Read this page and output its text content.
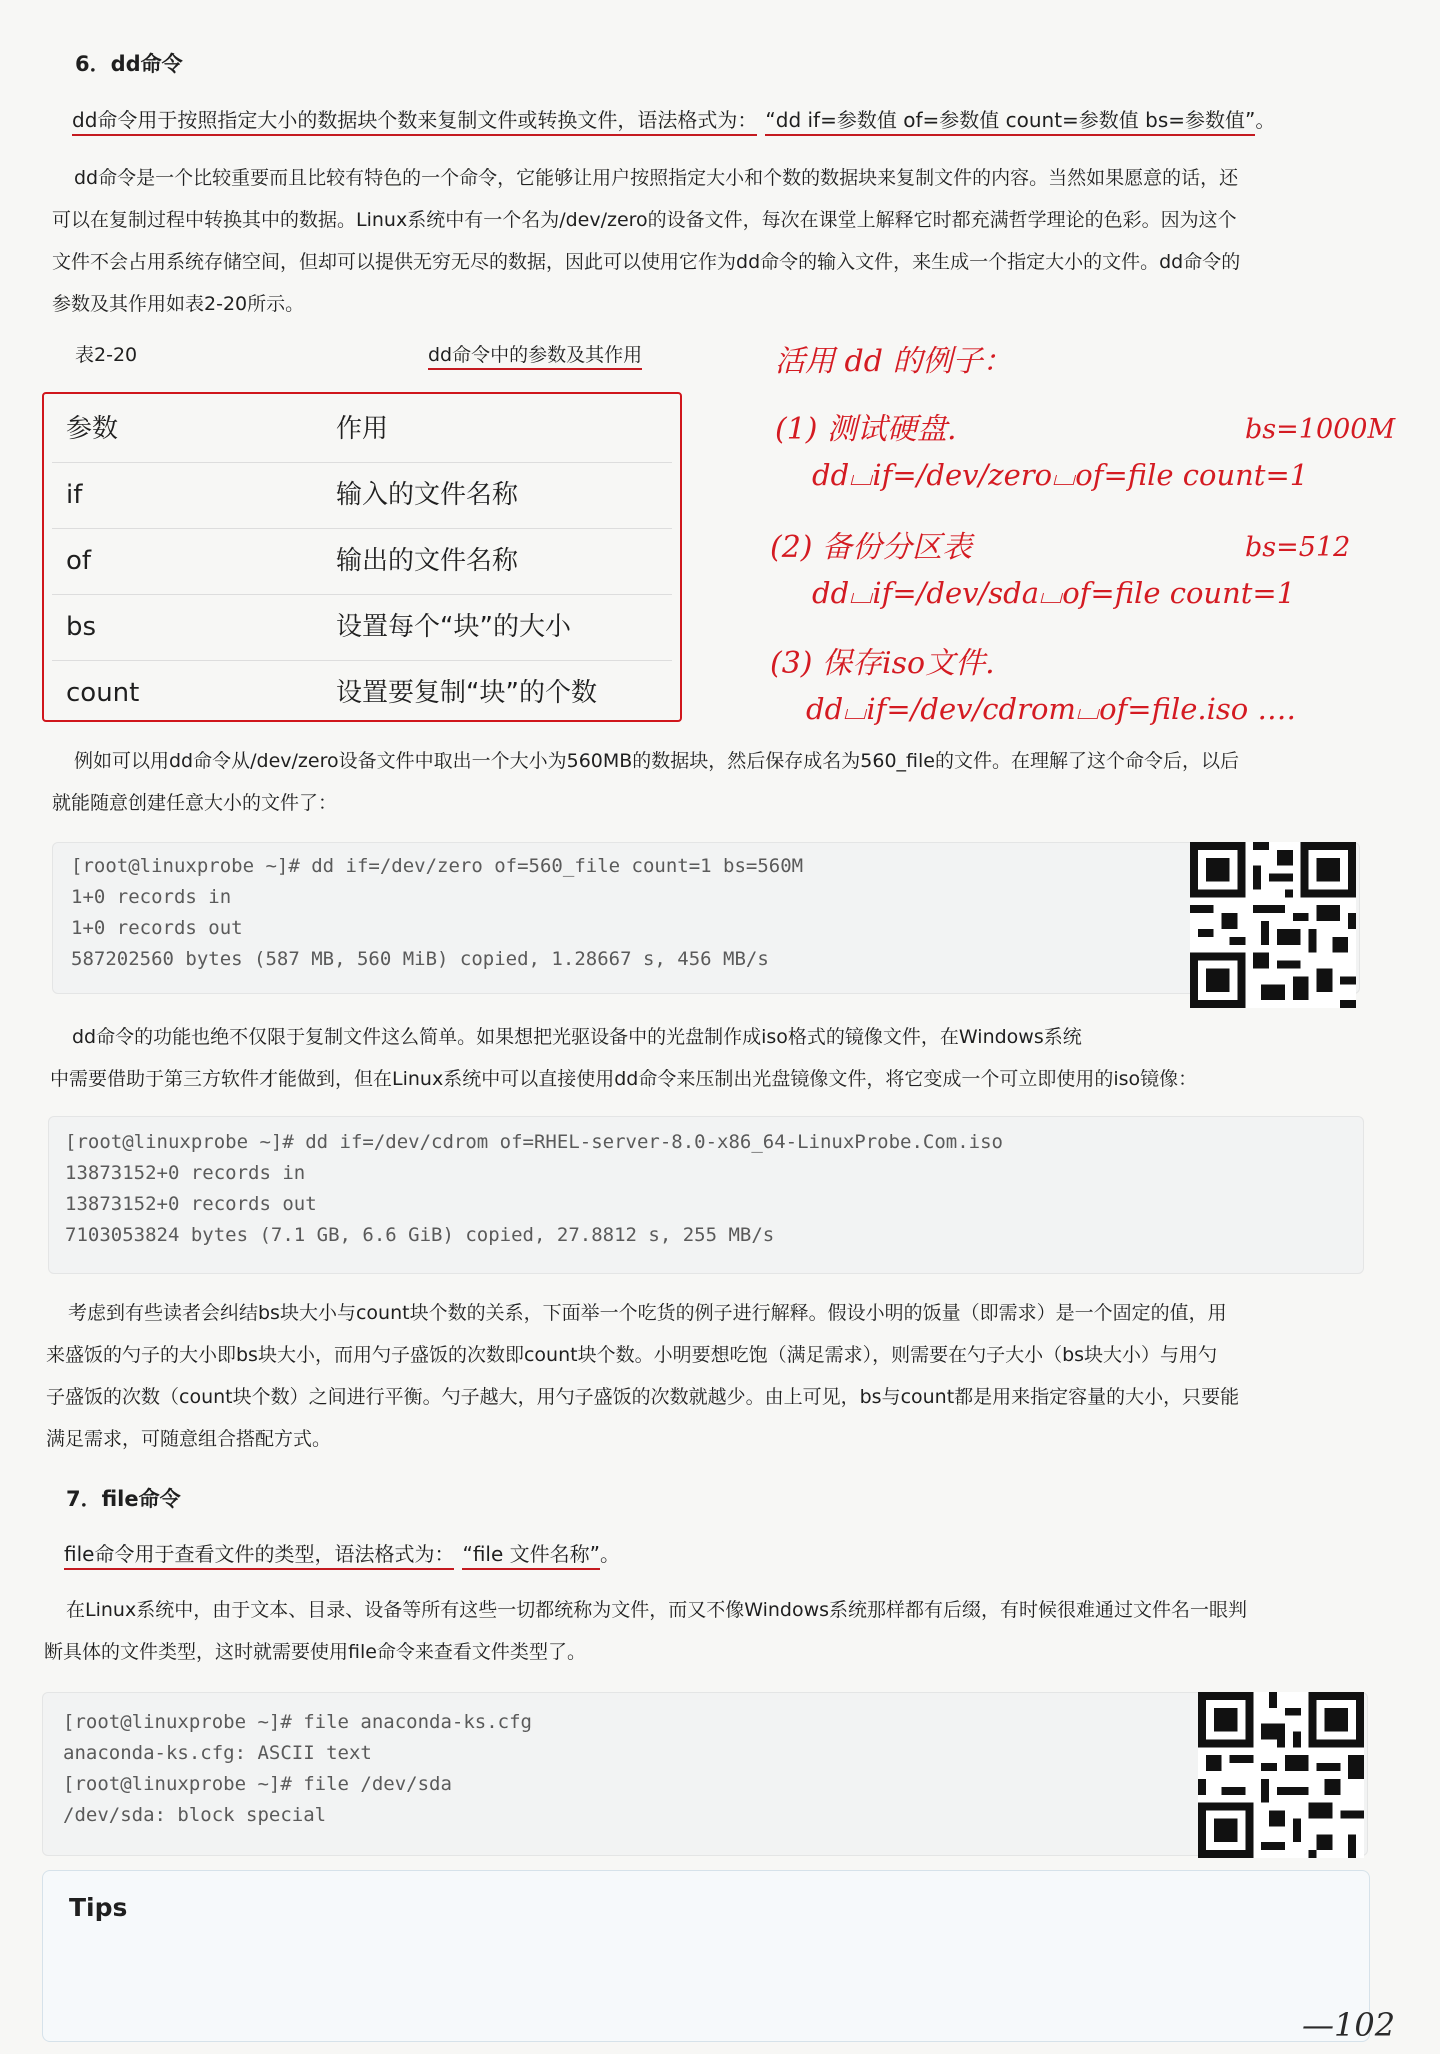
6．dd命令
dd命令用于按照指定大小的数据块个数来复制文件或转换文件，语法格式为： “dd if=参数值 of=参数值 count=参数值 bs=参数值”。
dd命令是一个比较重要而且比较有特色的一个命令，它能够让用户按照指定大小和个数的数据块来复制文件的内容。当然如果愿意的话，还
可以在复制过程中转换其中的数据。Linux系统中有一个名为/dev/zero的设备文件，每次在课堂上解释它时都充满哲学理论的色彩。因为这个
文件不会占用系统存储空间，但却可以提供无穷无尽的数据，因此可以使用它作为dd命令的输入文件，来生成一个指定大小的文件。dd命令的
参数及其作用如表2-20所示。
表2-20	dd命令中的参数及其作用
参数	作用
if	输入的文件名称
of	输出的文件名称
bs	设置每个“块”的大小
count	设置要复制“块”的个数
活用 dd 的例子：
(1) 测试硬盘.	bs=1000M
dd⌴if=/dev/zero⌴of=file count=1
(2) 备份分区表	bs=512
dd⌴if=/dev/sda⌴of=file count=1
(3) 保存iso文件.
dd⌴if=/dev/cdrom⌴of=file.iso ‥‥
例如可以用dd命令从/dev/zero设备文件中取出一个大小为560MB的数据块，然后保存成名为560_file的文件。在理解了这个命令后，以后
就能随意创建任意大小的文件了：
[root@linuxprobe ~]# dd if=/dev/zero of=560_file count=1 bs=560M
1+0 records in
1+0 records out
587202560 bytes (587 MB, 560 MiB) copied, 1.28667 s, 456 MB/s
dd命令的功能也绝不仅限于复制文件这么简单。如果想把光驱设备中的光盘制作成iso格式的镜像文件，在Windows系统
中需要借助于第三方软件才能做到，但在Linux系统中可以直接使用dd命令来压制出光盘镜像文件，将它变成一个可立即使用的iso镜像：
[root@linuxprobe ~]# dd if=/dev/cdrom of=RHEL-server-8.0-x86_64-LinuxProbe.Com.iso
13873152+0 records in
13873152+0 records out
7103053824 bytes (7.1 GB, 6.6 GiB) copied, 27.8812 s, 255 MB/s
考虑到有些读者会纠结bs块大小与count块个数的关系，下面举一个吃货的例子进行解释。假设小明的饭量（即需求）是一个固定的值，用
来盛饭的勺子的大小即bs块大小，而用勺子盛饭的次数即count块个数。小明要想吃饱（满足需求），则需要在勺子大小（bs块大小）与用勺
子盛饭的次数（count块个数）之间进行平衡。勺子越大，用勺子盛饭的次数就越少。由上可见，bs与count都是用来指定容量的大小，只要能
满足需求，可随意组合搭配方式。
7．file命令
file命令用于查看文件的类型，语法格式为： “file 文件名称”。
在Linux系统中，由于文本、目录、设备等所有这些一切都统称为文件，而又不像Windows系统那样都有后缀，有时候很难通过文件名一眼判
断具体的文件类型，这时就需要使用file命令来查看文件类型了。
[root@linuxprobe ~]# file anaconda-ks.cfg
anaconda-ks.cfg: ASCII text
[root@linuxprobe ~]# file /dev/sda
/dev/sda: block special
Tips
—102
